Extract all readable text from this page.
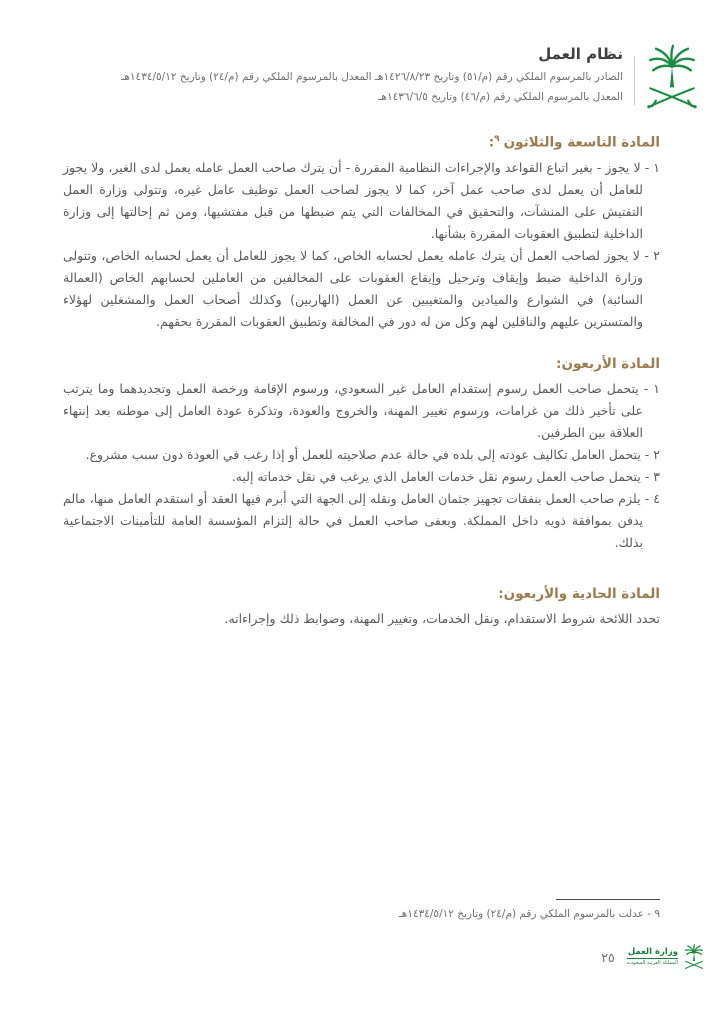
نظام العمل
الصادر بالمرسوم الملكي رقم (م/٥١) وتاريخ ١٤٢٦/٨/٢٣هـ المعدل بالمرسوم الملكي رقم (م/٢٤) وتاريخ ١٤٣٤/٥/١٢هـ
المعدل بالمرسوم الملكي رقم (م/٤٦) وتاريخ ١٤٣٦/٦/٥هـ
المادة التاسعة والثلاثون$^٩$:

١ - لا يجوز - بغير اتباع القواعد والإجراءات النظامية المقررة - أن يترك صاحب العمل عامله يعمل لدى الغير، ولا يجوز للعامل أن يعمل لدى صاحب عمل آخر، كما لا يجوز لصاحب العمل توظيف عامل غيره، وتتولى وزارة العمل التفتيش على المنشآت، والتحقيق في المخالفات التي يتم ضبطها من قبل مفتشيها، ومن ثم إحالتها إلى وزارة الداخلية لتطبيق العقوبات المقررة بشأنها.

٢ - لا يجوز لصاحب العمل أن يترك عامله يعمل لحسابه الخاص، كما لا يجوز للعامل أن يعمل لحسابه الخاص، وتتولى وزارة الداخلية ضبط وإيقاف وترحيل وإيقاع العقوبات على المخالفين من العاملين لحسابهم الخاص (العمالة السائبة) في الشوارع والميادين والمتغيبين عن العمل (الهاربين) وكذلك أصحاب العمل والمشغلين لهؤلاء والمتسترين عليهم والناقلين لهم وكل من له دور في المخالفة وتطبيق العقوبات المقررة بحقهم.

المادة الأربعون:

١ - يتحمل صاحب العمل رسوم إستقدام العامل غير السعودي، ورسوم الإقامة ورخصة العمل وتجديدهما وما يترتب على تأخير ذلك من غرامات، ورسوم تغيير المهنة، والخروج والعودة، وتذكرة عودة العامل إلى موطنه بعد إنتهاء العلاقة بين الطرفين.

٢ - يتحمل العامل تكاليف عودته إلى بلده في حالة عدم صلاحيته للعمل أو إذا رغب في العودة دون سبب مشروع.

٣ - يتحمل صاحب العمل رسوم نقل خدمات العامل الذي يرغب في نقل خدماته إليه.

٤ - يلزم صاحب العمل بنفقات تجهيز جثمان العامل ونقله إلى الجهة التي أبرم فيها العقد أو استقدم العامل منها، مالم يدفن بموافقة ذويه داخل المملكة. ويعفى صاحب العمل في حالة إلتزام المؤسسة العامة للتأمينات الاجتماعية بذلك.

المادة الحادية والأربعون:

تحدد اللائحة شروط الاستقدام، ونقل الخدمات، وتغيير المهنة، وضوابط ذلك وإجراءاته.

٩ - عدلت بالمرسوم الملكي رقم (م/٢٤) وتاريخ ١٤٣٤/٥/١٢هـ
٢٥ وزارة العمل
المملكة العربية السعودية
